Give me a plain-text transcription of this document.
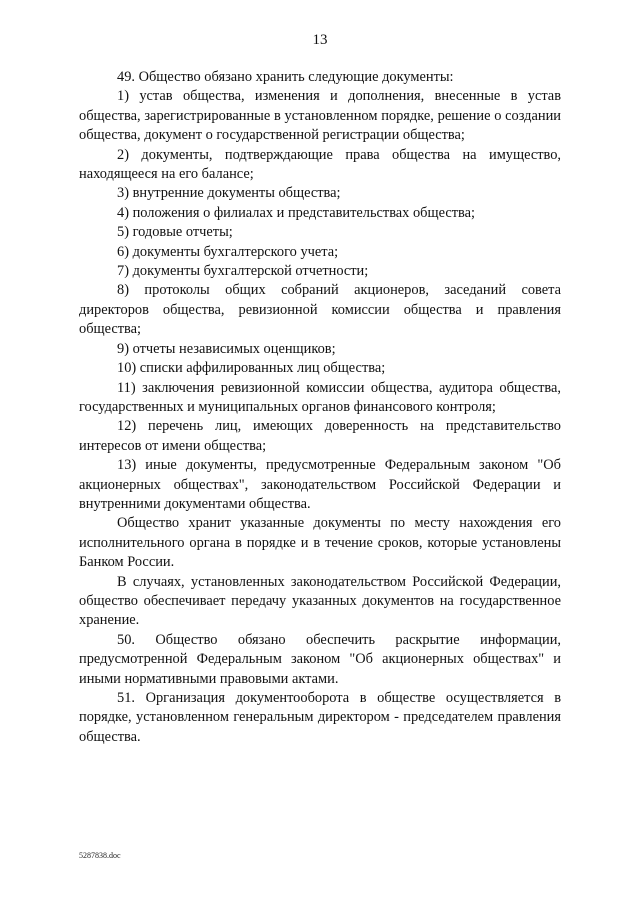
13

49. Общество обязано хранить следующие документы:

1) устав общества, изменения и дополнения, внесенные в устав общества, зарегистрированные в установленном порядке, решение о создании общества, документ о государственной регистрации общества;

2) документы, подтверждающие права общества на имущество, находящееся на его балансе;

3) внутренние документы общества;

4) положения о филиалах и представительствах общества;

5) годовые отчеты;

6) документы бухгалтерского учета;

7) документы бухгалтерской отчетности;

8) протоколы общих собраний акционеров, заседаний совета директоров общества, ревизионной комиссии общества и правления общества;

9) отчеты независимых оценщиков;

10) списки аффилированных лиц общества;

11) заключения ревизионной комиссии общества, аудитора общества, государственных и муниципальных органов финансового контроля;

12) перечень лиц, имеющих доверенность на представительство интересов от имени общества;

13) иные документы, предусмотренные Федеральным законом "Об акционерных обществах", законодательством Российской Федерации и внутренними документами общества.

Общество хранит указанные документы по месту нахождения его исполнительного органа в порядке и в течение сроков, которые установлены Банком России.

В случаях, установленных законодательством Российской Федерации, общество обеспечивает передачу указанных документов на государственное хранение.

50. Общество обязано обеспечить раскрытие информации, предусмотренной Федеральным законом "Об акционерных обществах" и иными нормативными правовыми актами.

51. Организация документооборота в обществе осуществляется в порядке, установленном генеральным директором - председателем правления общества.

5287838.doc
